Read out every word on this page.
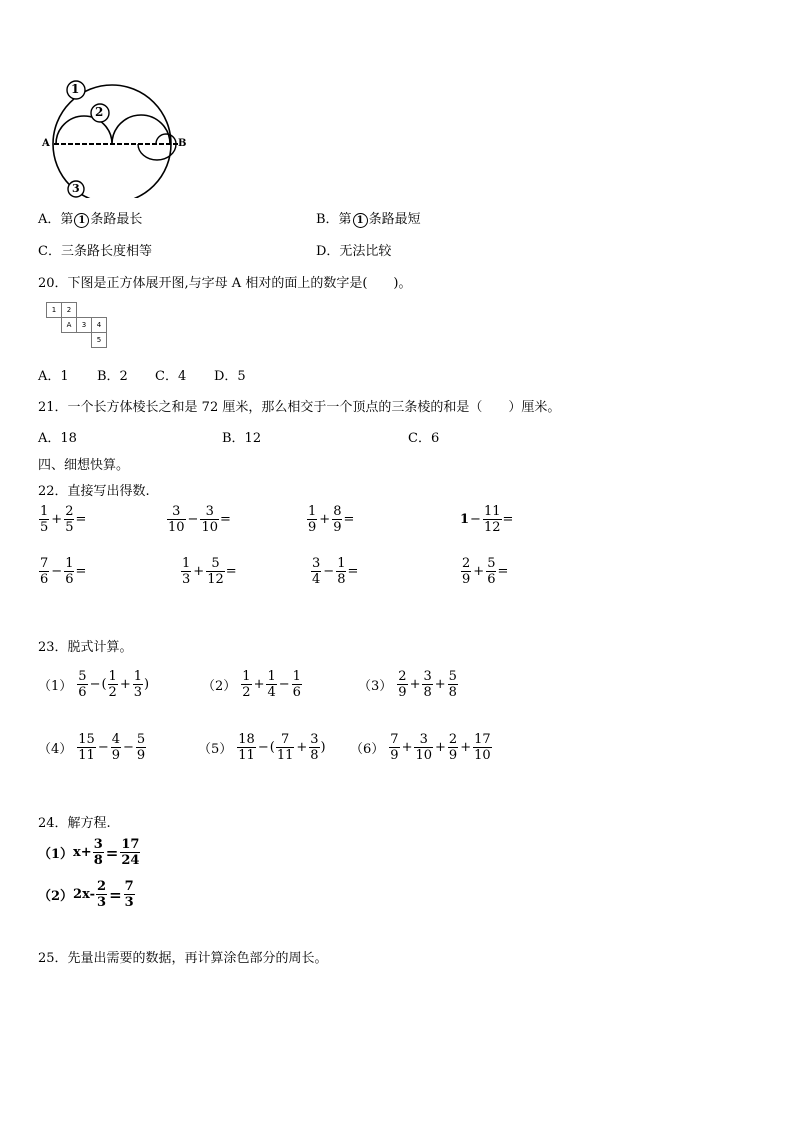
A	B
1
2
3
A．第 1 条路最长	B．第 1 条路最短
C．三条路长度相等	D．无法比较
20．下图是正方体展开图,与字母 A 相对的面上的数字是(　　)。
1	2			
	A	3	4	
			5	
A．1 B．2 C．4 D．5
21．一个长方体棱长之和是 72 厘米，那么相交于一个顶点的三条棱的和是（　　）厘米。
A．18	B．12	C．6
四、细想快算。
22．直接写出得数.
$\frac{1}{5} + \frac{2}{5}$ =	$\frac{3}{10} - \frac{3}{10}$ =	$\frac{1}{9} + \frac{8}{9}$ =	$1 - \frac{11}{12}$ =
$\frac{7}{6} - \frac{1}{6}$ =	$\frac{1}{3} + \frac{5}{12}$ =	$\frac{3}{4} - \frac{1}{8}$ =	$\frac{2}{9} + \frac{5}{6}$ =
23．脱式计算。
$(1) \frac{5}{6}$ − ( $\frac{1}{2} + \frac{1}{3}$ )	$(2) \frac{1}{2} + \frac{1}{4} - \frac{1}{6}$	$(3) \frac{2}{9} + \frac{3}{8} + \frac{5}{8}$
$(4) \frac{15}{11} - \frac{4}{9} - \frac{5}{9}$	$(5) \frac{18}{11}$ − ( $\frac{7}{11} + \frac{3}{8}$ ) $(6) \frac{7}{9} + \frac{3}{10} + \frac{2}{9} + \frac{17}{10}$
24．解方程.
（1） $x+ \frac{3}{8} = \frac{17}{24}$
（2） $2x- \frac{2}{3} = \frac{7}{3}$
25．先量出需要的数据，再计算涂色部分的周长。
